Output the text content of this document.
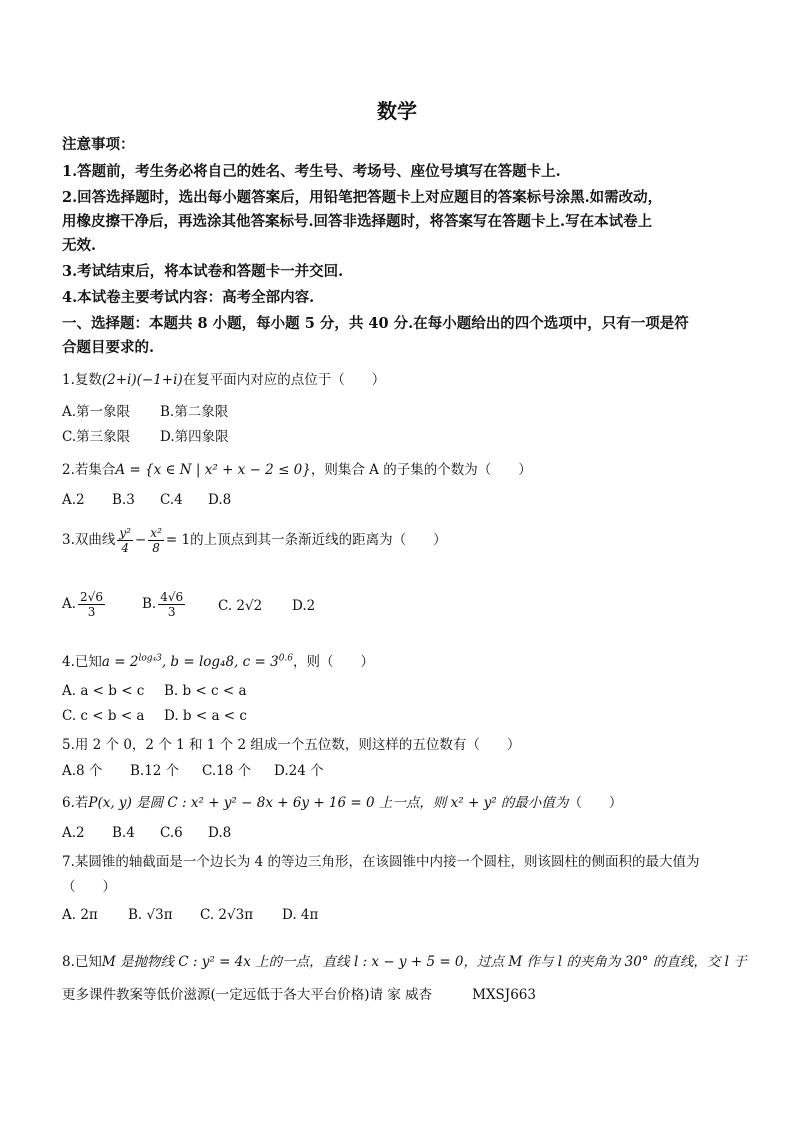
数学
注意事项：
1.答题前，考生务必将自己的姓名、考生号、考场号、座位号填写在答题卡上.
2.回答选择题时，选出每小题答案后，用铅笔把答题卡上对应题目的答案标号涂黑.如需改动，
用橡皮擦干净后，再选涂其他答案标号.回答非选择题时，将答案写在答题卡上.写在本试卷上
无效.
3.考试结束后，将本试卷和答题卡一并交回.
4.本试卷主要考试内容：高考全部内容.
一、选择题：本题共 8 小题，每小题 5 分，共 40 分.在每小题给出的四个选项中，只有一项是符
合题目要求的.
1.复数(2+i)(−1+i)在复平面内对应的点位于（　　）
A.第一象限 B.第二象限
C.第三象限 D.第四象限
2.若集合A = {x ∈ N | x² + x − 2 ≤ 0}，则集合 A 的子集的个数为（　　）
A.2 B.3 C.4 D.8
3.双曲线 $\frac{\text{y²}}{4} - \frac{\text{x²}}{8} = 1$的上顶点到其一条渐近线的距离为（　　）
A. $\frac{2√6}{3}$	B. $\frac{4√6}{3} C$. 2√2 D.2
4.已知$a = 2^{log_43}$, b = log₄8, $c = 3^{0.6}$，则（　　）
A. a < b < c B. b < c < a
C. c < b < a D. b < a < c
5.用 2 个 0，2 个 1 和 1 个 2 组成一个五位数，则这样的五位数有（　　）
A.8 个 B.12 个 C.18 个 D.24 个
6.若P(x, y) 是圆 C : x² + y² − 8x + 6y + 16 = 0 上一点，则 x² + y² 的最小值为（　　）
A.2 B.4 C.6 D.8
7.某圆锥的轴截面是一个边长为 4 的等边三角形，在该圆锥中内接一个圆柱，则该圆柱的侧面积的最大值为
（　　）
A. 2π B. √3π C. 2√3π D. 4π
8.已知M 是抛物线 C : y² = 4x 上的一点，直线 l : x − y + 5 = 0，过点 M 作与 l 的夹角为 30° 的直线，交 l 于
更多课件教案等低价滋源(一定远低于各大平台价格)请 家 威杏	MXSJ663
